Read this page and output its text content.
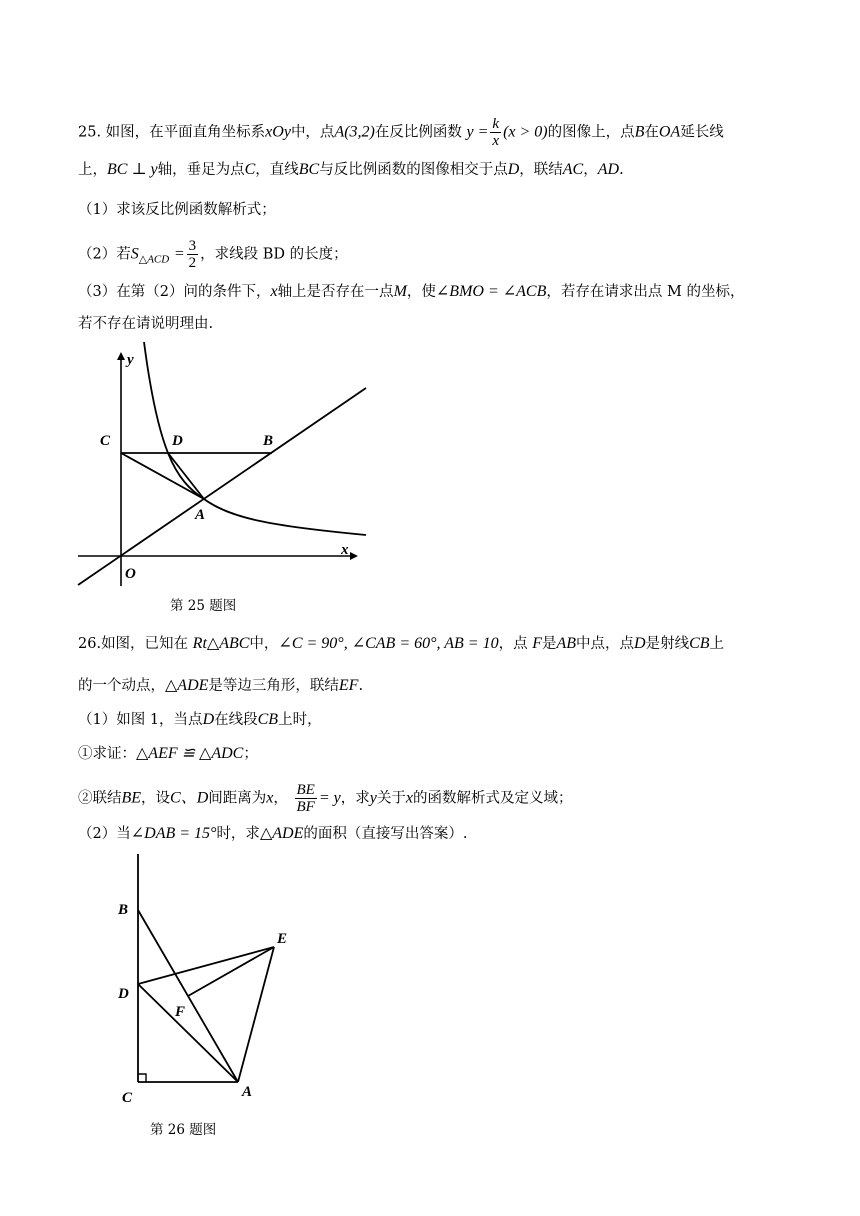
25. 如图，在平面直角坐标系xOy中，点A(3,2)在反比例函数 $y = \frac{k}{x} (x > 0)$的图像上，点B在OA延长线
上，BC ⊥ y轴，垂足为点C，直线BC与反比例函数的图像相交于点D，联结AC，AD.
（1）求该反比例函数解析式；
（2）若$S_{\triangle ACD} = \frac{3}{2}$ ，求线段 BD 的长度；
（3）在第（2）问的条件下，x轴上是否存在一点M，使∠BMO = ∠ACB，若存在请求出点 M 的坐标，
若不存在请说明理由.
y
x
C	D	B
A
O
第 25 题图
26.如图，已知在 Rt△ABC中，∠C = 90°, ∠CAB = 60°, AB = 10，点 F是AB中点，点D是射线CB上
的一个动点，△ADE是等边三角形，联结EF.
（1）如图 1，当点D在线段CB上时，
①求证：△AEF ≌ △ADC；
②联结BE，设C、D间距离为x， $\frac{BE}{BF} = y$，求y关于x的函数解析式及定义域；
（2）当∠DAB = 15°时，求△ADE的面积（直接写出答案）.
B
E
D
F
C	A
第 26 题图
